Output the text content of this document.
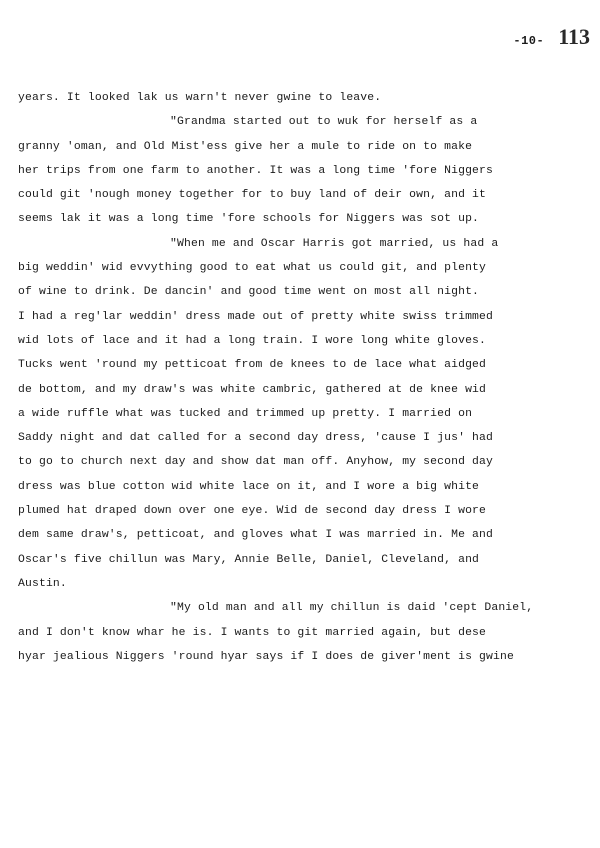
-10- 113
years. It looked lak us warn't never gwine to leave.
"Grandma started out to wuk for herself as a
granny 'oman, and Old Mist'ess give her a mule to ride on to make
her trips from one farm to another. It was a long time 'fore Niggers
could git 'nough money together for to buy land of deir own, and it
seems lak it was a long time 'fore schools for Niggers was sot up.
"When me and Oscar Harris got married, us had a
big weddin' wid evvything good to eat what us could git, and plenty
of wine to drink. De dancin' and good time went on most all night.
I had a reg'lar weddin' dress made out of pretty white swiss trimmed
wid lots of lace and it had a long train. I wore long white gloves.
Tucks went 'round my petticoat from de knees to de lace what aidged
de bottom, and my draw's was white cambric, gathered at de knee wid
a wide ruffle what was tucked and trimmed up pretty. I married on
Saddy night and dat called for a second day dress, 'cause I jus' had
to go to church next day and show dat man off. Anyhow, my second day
dress was blue cotton wid white lace on it, and I wore a big white
plumed hat draped down over one eye. Wid de second day dress I wore
dem same draw's, petticoat, and gloves what I was married in. Me and
Oscar's five chillun was Mary, Annie Belle, Daniel, Cleveland, and
Austin.
"My old man and all my chillun is daid 'cept Daniel,
and I don't know whar he is. I wants to git married again, but dese
hyar jealious Niggers 'round hyar says if I does de giver'ment is gwine
